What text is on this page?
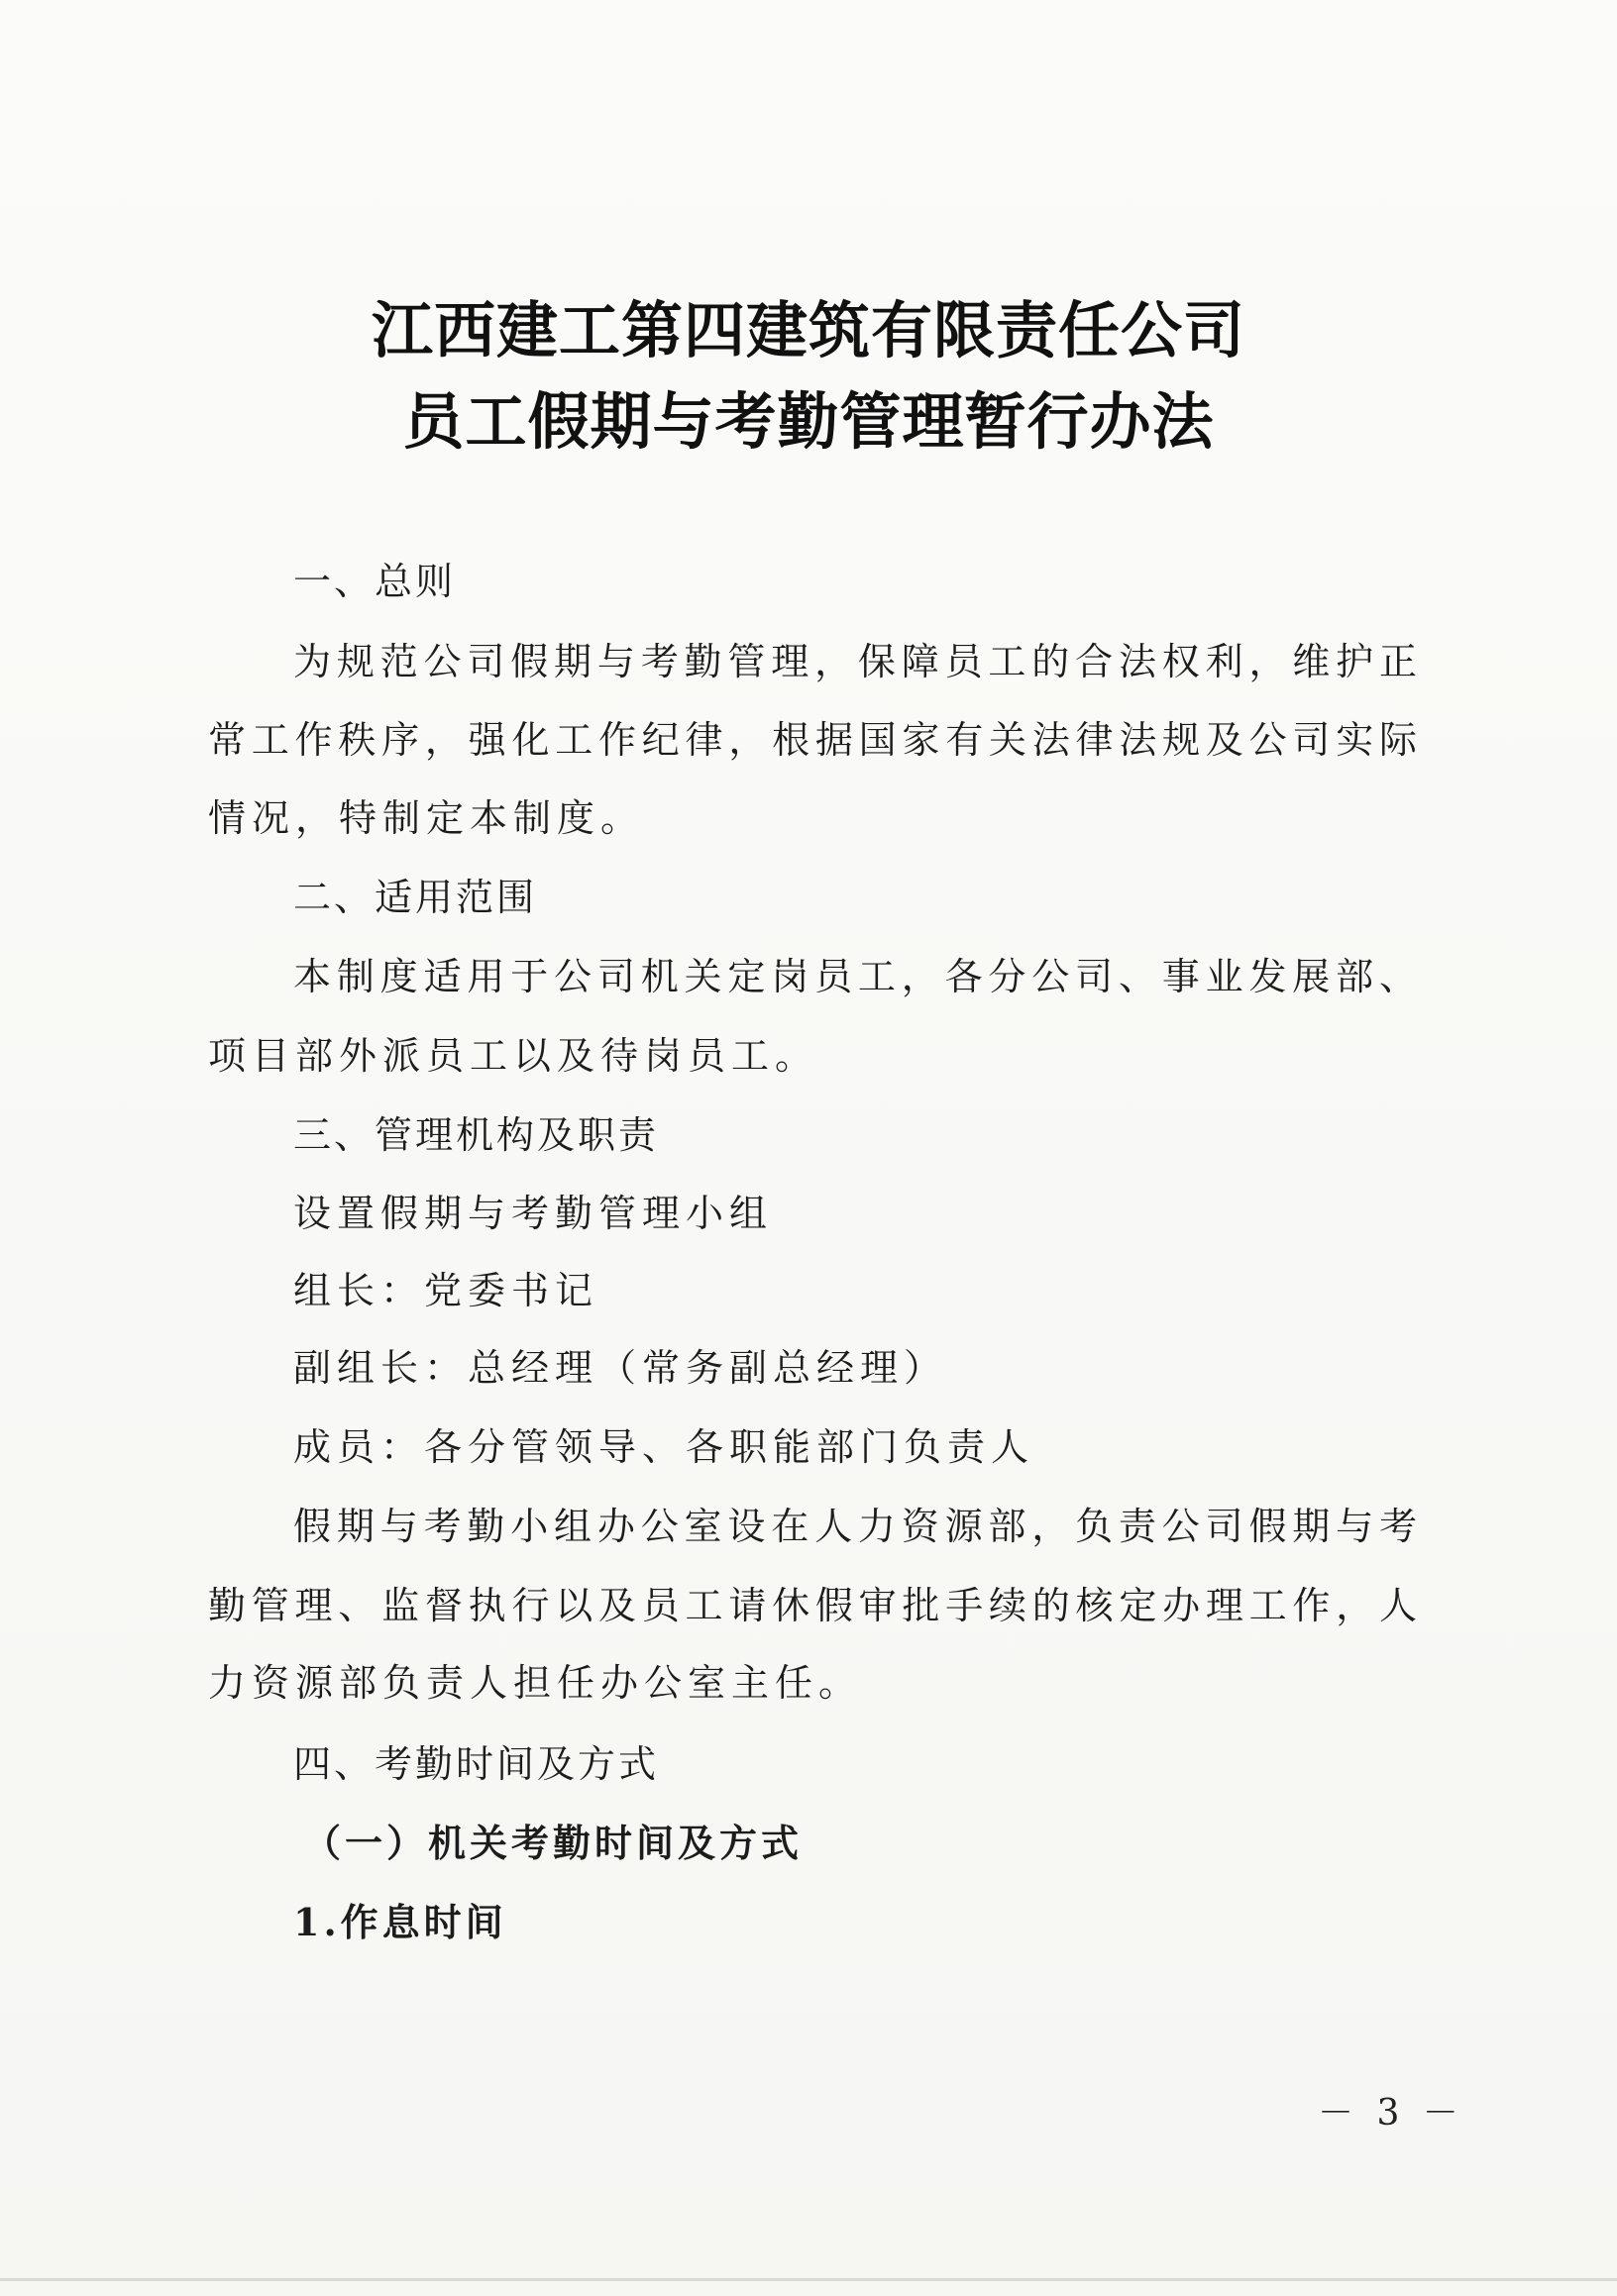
江西建工第四建筑有限责任公司
员工假期与考勤管理暂行办法
一、总则
为规范公司假期与考勤管理，保障员工的合法权利，维护正
常工作秩序，强化工作纪律，根据国家有关法律法规及公司实际
情况，特制定本制度。
二、适用范围
本制度适用于公司机关定岗员工，各分公司、事业发展部、
项目部外派员工以及待岗员工。
三、管理机构及职责
设置假期与考勤管理小组
组长：党委书记
副组长：总经理（常务副总经理）
成员：各分管领导、各职能部门负责人
假期与考勤小组办公室设在人力资源部，负责公司假期与考
勤管理、监督执行以及员工请休假审批手续的核定办理工作，人
力资源部负责人担任办公室主任。
四、考勤时间及方式
（一）机关考勤时间及方式
1.作息时间
－ 3 －
